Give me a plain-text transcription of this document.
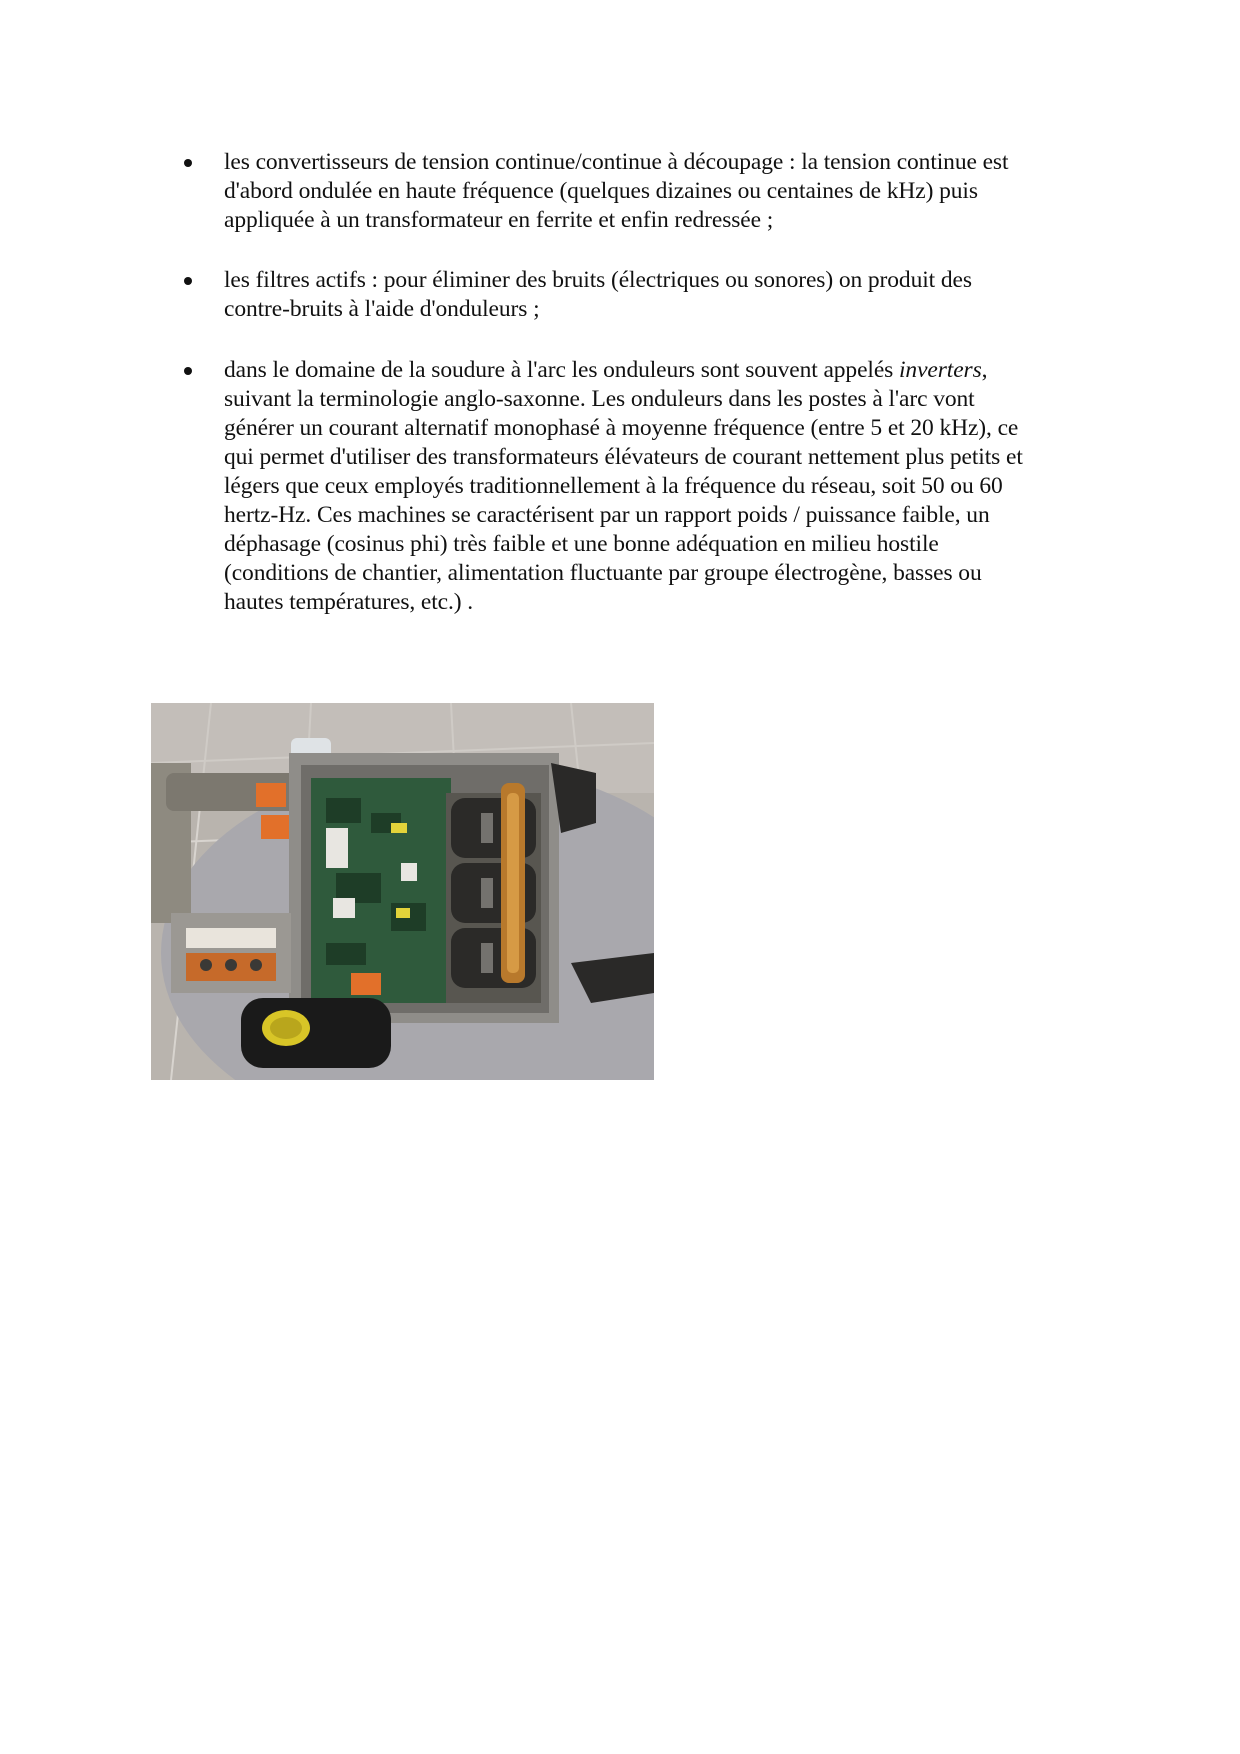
les convertisseurs de tension continue/continue à découpage : la tension continue est
d'abord ondulée en haute fréquence (quelques dizaines ou centaines de kHz) puis
appliquée à un transformateur en ferrite et enfin redressée ;
les filtres actifs : pour éliminer des bruits (électriques ou sonores) on produit des
contre-bruits à l'aide d'onduleurs ;
dans le domaine de la soudure à l'arc les onduleurs sont souvent appelés inverters,
suivant la terminologie anglo-saxonne. Les onduleurs dans les postes à l'arc vont
générer un courant alternatif monophasé à moyenne fréquence (entre 5 et 20 kHz), ce
qui permet d'utiliser des transformateurs élévateurs de courant nettement plus petits et
légers que ceux employés traditionnellement à la fréquence du réseau, soit 50 ou 60
hertz-Hz. Ces machines se caractérisent par un rapport poids / puissance faible, un
déphasage (cosinus phi) très faible et une bonne adéquation en milieu hostile
(conditions de chantier, alimentation fluctuante par groupe électrogène, basses ou
hautes températures, etc.) .
